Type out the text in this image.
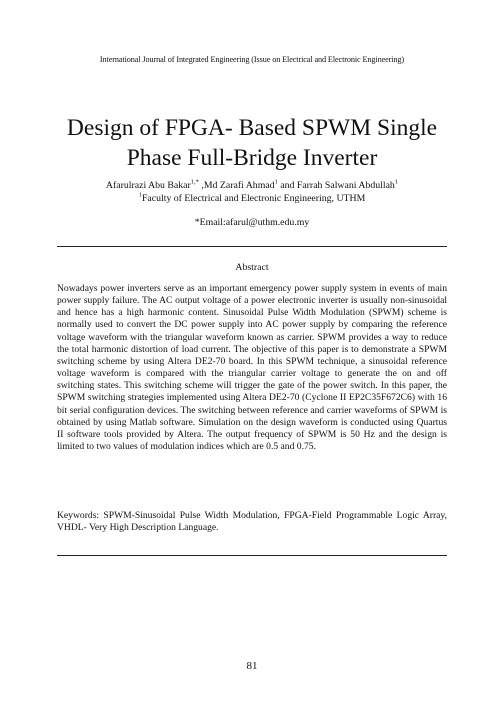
International Journal of Integrated Engineering (Issue on Electrical and Electronic Engineering)
Design of FPGA- Based SPWM Single
Phase Full-Bridge Inverter
Afarulrazi Abu Bakar$^{1,*}$ ,Md Zarafi Ahmad$^1$ and Farrah Salwani Abdullah$^1$
$^1$Faculty of Electrical and Electronic Engineering, UTHM
*Email:afarul@uthm.edu.my
Abstract

Nowadays power inverters serve as an important emergency power supply system in events of main power supply failure. The AC output voltage of a power electronic inverter is usually non-sinusoidal and hence has a high harmonic content. Sinusoidal Pulse Width Modulation (SPWM) scheme is normally used to convert the DC power supply into AC power supply by comparing the reference voltage waveform with the triangular waveform known as carrier. SPWM provides a way to reduce the total harmonic distortion of load current. The objective of this paper is to demonstrate a SPWM switching scheme by using Altera DE2-70 board. In this SPWM technique, a sinusoidal reference voltage waveform is compared with the triangular carrier voltage to generate the on and off switching states. This switching scheme will trigger the gate of the power switch. In this paper, the SPWM switching strategies implemented using Altera DE2-70 (Cyclone II EP2C35F672C6) with 16 bit serial configuration devices. The switching between reference and carrier waveforms of SPWM is obtained by using Matlab software. Simulation on the design waveform is conducted using Quartus II software tools provided by Altera. The output frequency of SPWM is 50 Hz and the design is limited to two values of modulation indices which are 0.5 and 0.75.

Keywords: SPWM-Sinusoidal Pulse Width Modulation, FPGA-Field Programmable Logic Array, VHDL- Very High Description Language.

81
